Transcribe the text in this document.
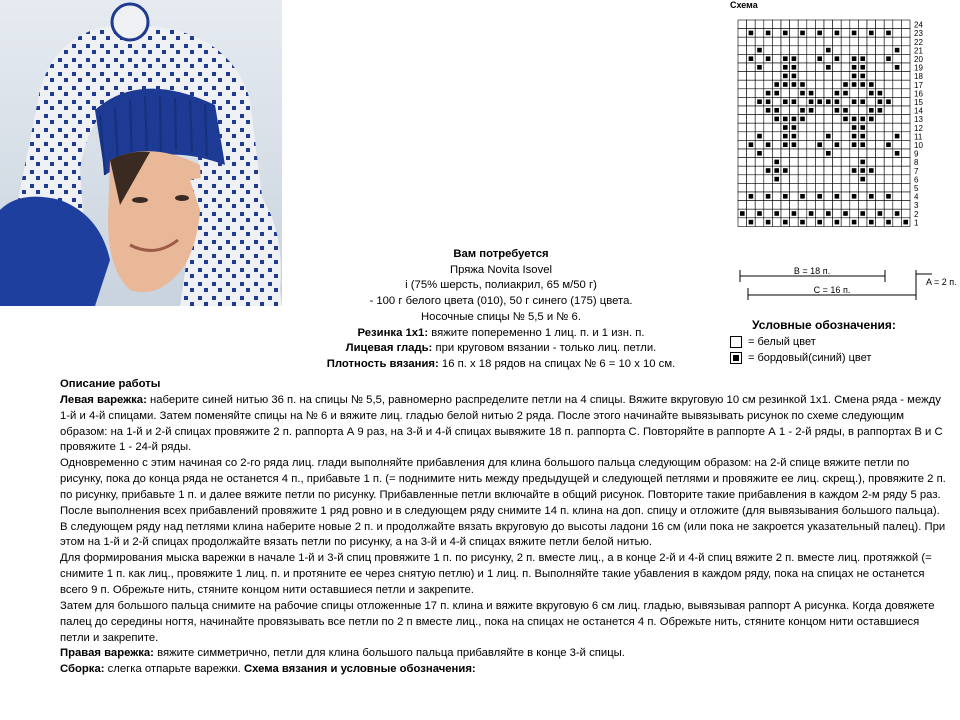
Вам потребуется
Пряжа Novita Isovel
i (75% шерсть, полиакрил, 65 м/50 г)
- 100 г белого цвета (010), 50 г синего (175) цвета.
Носочные спицы № 5,5 и № 6.
Резинка 1x1: вяжите попеременно 1 лиц. п. и 1 изн. п.
Лицевая гладь: при круговом вязании - только лиц. петли.
Плотность вязания: 16 п. х 18 рядов на спицах № 6 = 10 х 10 см.
Схема
24
23
22
21
20
19
18
17
16
15
14
13
12
11
10
9
8
7
6
5
4
3
2
1
B = 18 п.
C = 16 п.
A = 2 п.
Условные обозначения:
= белый цвет
= бордовый(синий) цвет

Описание работы

Левая варежка: наберите синей нитью 36 п. на спицы № 5,5, равномерно распределите петли на 4 спицы. Вяжите вкруговую 10 см резинкой 1x1. Смена ряда - между 1-й и 4-й спицами. Затем поменяйте спицы на № 6 и вяжите лиц. гладью белой нитью 2 ряда. После этого начинайте вывязывать рисунок по схеме следующим образом: на 1-й и 2-й спицах провяжите 2 п. раппорта А 9 раз, на 3-й и 4-й спицах вывяжите 18 п. раппорта С. Повторяйте в раппорте А 1 - 2-й ряды, в раппортах В и С провяжите 1 - 24-й ряды.

Одновременно с этим начиная со 2-го ряда лиц. глади выполняйте прибавления для клина большого пальца следующим образом: на 2-й спице вяжите петли по рисунку, пока до конца ряда не останется 4 п., прибавьте 1 п. (= поднимите нить между предыдущей и следующей петлями и провяжите ее лиц. скрещ.), провяжите 2 п. по рисунку, прибавьте 1 п. и далее вяжите петли по рисунку. Прибавленные петли включайте в общий рисунок. Повторите такие прибавления в каждом 2-м ряду 5 раз.

После выполнения всех прибавлений провяжите 1 ряд ровно и в следующем ряду снимите 14 п. клина на доп. спицу и отложите (для вывязывания большого пальца). В следующем ряду над петлями клина наберите новые 2 п. и продолжайте вязать вкруговую до высоты ладони 16 см (или пока не закроется указательный палец). При этом на 1-й и 2-й спицах продолжайте вязать петли по рисунку, а на 3-й и 4-й спицах вяжите петли белой нитью.

Для формирования мыска варежки в начале 1-й и 3-й спиц провяжите 1 п. по рисунку, 2 п. вместе лиц., а в конце 2-й и 4-й спиц вяжите 2 п. вместе лиц. протяжкой (= снимите 1 п. как лиц., провяжите 1 лиц. п. и протяните ее через снятую петлю) и 1 лиц. п. Выполняйте такие убавления в каждом ряду, пока на спицах не останется всего 9 п. Обрежьте нить, стяните концом нити оставшиеся петли и закрепите.

Затем для большого пальца снимите на рабочие спицы отложенные 17 п. клина и вяжите вкруговую 6 см лиц. гладью, вывязывая раппорт А рисунка. Когда довяжете палец до середины ногтя, начинайте провязывать все петли по 2 п вместе лиц., пока на спицах не останется 4 п. Обрежьте нить, стяните концом нити оставшиеся петли и закрепите.

Правая варежка: вяжите симметрично, петли для клина большого пальца прибавляйте в конце 3-й спицы.

Сборка: слегка отпарьте варежки. Схема вязания и условные обозначения:
